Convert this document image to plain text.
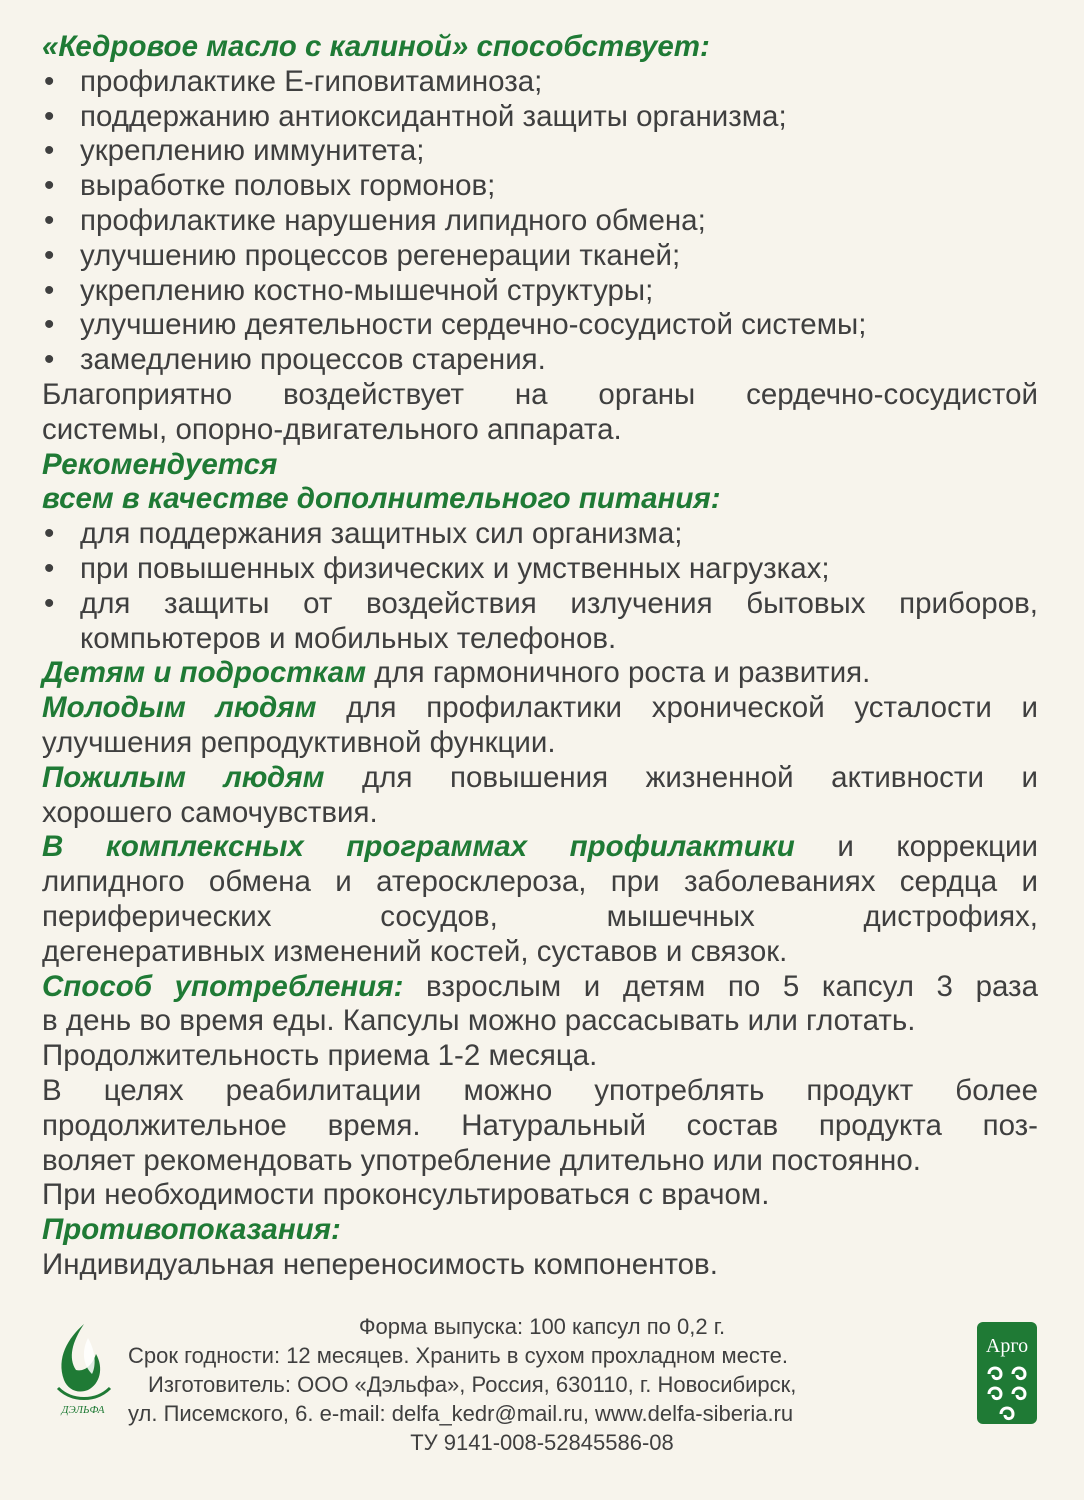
«Кедровое масло с калиной» способствует:
• профилактике Е-гиповитаминоза;
• поддержанию антиоксидантной защиты организма;
• укреплению иммунитета;
• выработке половых гормонов;
• профилактике нарушения липидного обмена;
• улучшению процессов регенерации тканей;
• укреплению костно-мышечной структуры;
• улучшению деятельности сердечно-сосудистой системы;
• замедлению процессов старения.
Благоприятно воздействует на органы сердечно-сосудистой
системы, опорно-двигательного аппарата.
Рекомендуется
всем в качестве дополнительного питания:
• для поддержания защитных сил организма;
• при повышенных физических и умственных нагрузках;
• для защиты от воздействия излучения бытовых приборов,
компьютеров и мобильных телефонов.
Детям и подросткам для гармоничного роста и развития.
Молодым людям для профилактики хронической усталости и
улучшения репродуктивной функции.
Пожилым людям для повышения жизненной активности и
хорошего самочувствия.
В комплексных программах профилактики и коррекции
липидного обмена и атеросклероза, при заболеваниях сердца и
периферических сосудов, мышечных дистрофиях,
дегенеративных изменений костей, суставов и связок.
Способ употребления: взрослым и детям по 5 капсул 3 раза
в день во время еды. Капсулы можно рассасывать или глотать.
Продолжительность приема 1-2 месяца.
В целях реабилитации можно употреблять продукт более
продолжительное время. Натуральный состав продукта поз-
воляет рекомендовать употребление длительно или постоянно.
При необходимости проконсультироваться с врачом.
Противопоказания:
Индивидуальная непереносимость компонентов.
ДЭЛЬФА
Арго
Форма выпуска: 100 капсул по 0,2 г.
Срок годности: 12 месяцев. Хранить в сухом прохладном месте.
Изготовитель: ООО «Дэльфа», Россия, 630110, г. Новосибирск,
ул. Писемского, 6. e-mail: delfa_kedr@mail.ru, www.delfa-siberia.ru
ТУ 9141-008-52845586-08
